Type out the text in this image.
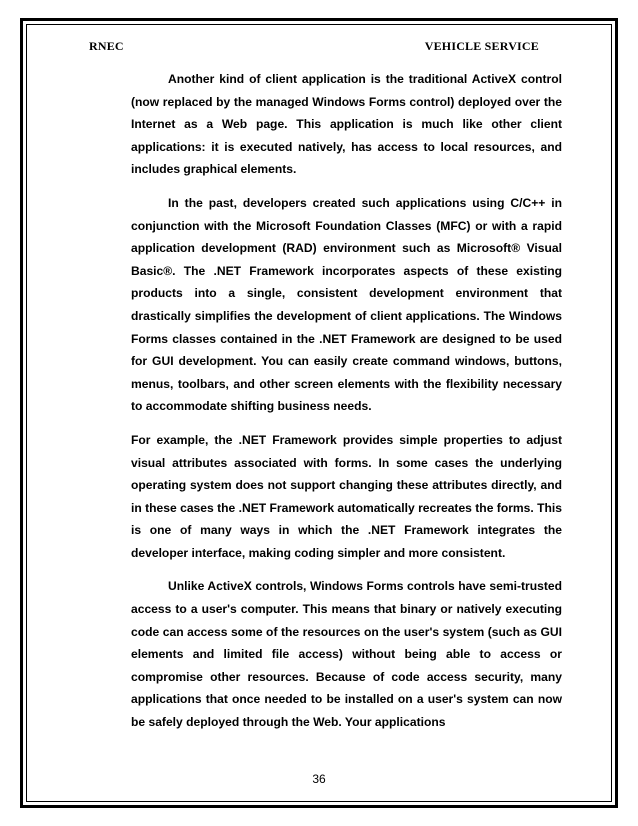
RNEC	VEHICLE SERVICE

Another kind of client application is the traditional ActiveX control (now replaced by the managed Windows Forms control) deployed over the Internet as a Web page. This application is much like other client applications: it is executed natively, has access to local resources, and includes graphical elements.

In the past, developers created such applications using C/C++ in conjunction with the Microsoft Foundation Classes (MFC) or with a rapid application development (RAD) environment such as Microsoft® Visual Basic®. The .NET Framework incorporates aspects of these existing products into a single, consistent development environment that drastically simplifies the development of client applications. The Windows Forms classes contained in the .NET Framework are designed to be used for GUI development. You can easily create command windows, buttons, menus, toolbars, and other screen elements with the flexibility necessary to accommodate shifting business needs.

For example, the .NET Framework provides simple properties to adjust visual attributes associated with forms. In some cases the underlying operating system does not support changing these attributes directly, and in these cases the .NET Framework automatically recreates the forms. This is one of many ways in which the .NET Framework integrates the developer interface, making coding simpler and more consistent.

Unlike ActiveX controls, Windows Forms controls have semi-trusted access to a user's computer. This means that binary or natively executing code can access some of the resources on the user's system (such as GUI elements and limited file access) without being able to access or compromise other resources. Because of code access security, many applications that once needed to be installed on a user's system can now be safely deployed through the Web. Your applications

36
